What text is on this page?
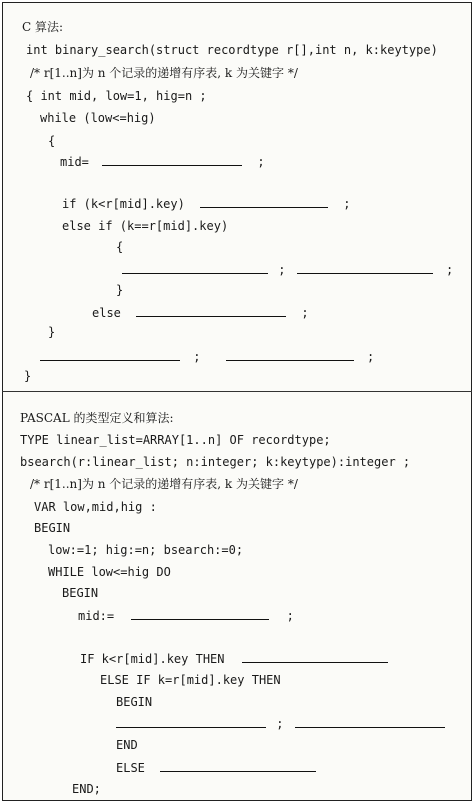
C 算法:
int binary_search(struct recordtype r[],int n, k:keytype)
/* r[1..n]为 n 个记录的递增有序表, k 为关键字 */
{ int mid, low=1, hig=n ;
while (low<=hig)
{
mid=	;
if (k<r[mid].key)	;
else if (k==r[mid].key)
{
;	;
}
else	;
}
;	;
}
PASCAL 的类型定义和算法:
TYPE linear_list=ARRAY[1..n] OF recordtype;
bsearch(r:linear_list; n:integer; k:keytype):integer ;
/* r[1..n]为 n 个记录的递增有序表, k 为关键字 */
VAR low,mid,hig :
BEGIN
low:=1; hig:=n; bsearch:=0;
WHILE low<=hig DO
BEGIN
mid:=	;
IF k<r[mid].key THEN
ELSE IF k=r[mid].key THEN
BEGIN
;
END
ELSE
END;
